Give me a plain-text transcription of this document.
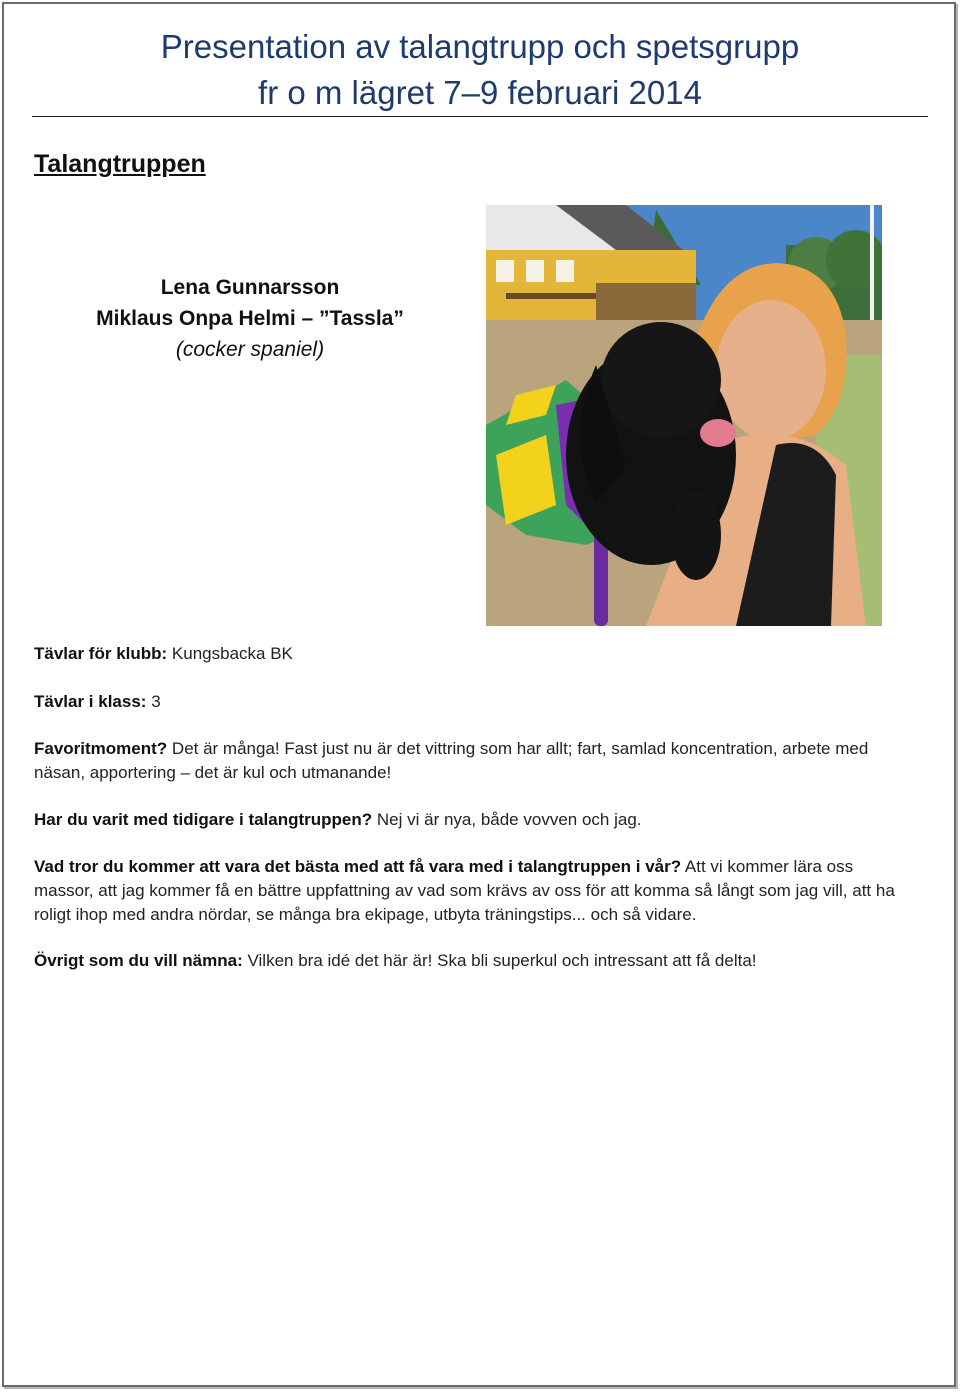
Presentation av talangtrupp och spetsgrupp
fr o m lägret 7–9 februari 2014
Talangtruppen
Lena Gunnarsson
Miklaus Onpa Helmi – ”Tassla”
(cocker spaniel)

Tävlar för klubb: Kungsbacka BK

Tävlar i klass: 3

Favoritmoment? Det är många! Fast just nu är det vittring som har allt; fart, samlad koncentration, arbete med näsan, apportering – det är kul och utmanande!

Har du varit med tidigare i talangtruppen? Nej vi är nya, både vovven och jag.

Vad tror du kommer att vara det bästa med att få vara med i talangtruppen i vår? Att vi kommer lära oss massor, att jag kommer få en bättre uppfattning av vad som krävs av oss för att komma så långt som jag vill, att ha roligt ihop med andra nördar, se många bra ekipage, utbyta träningstips... och så vidare.

Övrigt som du vill nämna: Vilken bra idé det här är! Ska bli superkul och intressant att få delta!
